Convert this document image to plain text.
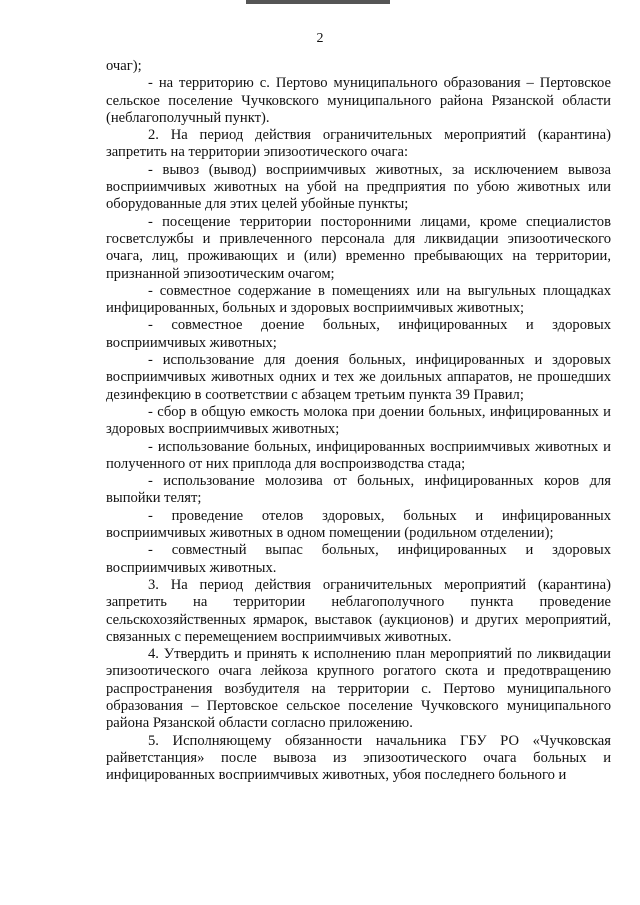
2

очаг);

- на территорию с. Пертово муниципального образования – Пертовское сельское поселение Чучковского муниципального района Рязанской области (неблагополучный пункт).

2. На период действия ограничительных мероприятий (карантина) запретить на территории эпизоотического очага:

- вывоз (вывод) восприимчивых животных, за исключением вывоза восприимчивых животных на убой на предприятия по убою животных или оборудованные для этих целей убойные пункты;

- посещение территории посторонними лицами, кроме специалистов госветслужбы и привлеченного персонала для ликвидации эпизоотического очага, лиц, проживающих и (или) временно пребывающих на территории, признанной эпизоотическим очагом;

- совместное содержание в помещениях или на выгульных площадках инфицированных, больных и здоровых восприимчивых животных;

- совместное доение больных, инфицированных и здоровых восприимчивых животных;

- использование для доения больных, инфицированных и здоровых восприимчивых животных одних и тех же доильных аппаратов, не прошедших дезинфекцию в соответствии с абзацем третьим пункта 39 Правил;

- сбор в общую емкость молока при доении больных, инфицированных и здоровых восприимчивых животных;

- использование больных, инфицированных восприимчивых животных и полученного от них приплода для воспроизводства стада;

- использование молозива от больных, инфицированных коров для выпойки телят;

- проведение отелов здоровых, больных и инфицированных восприимчивых животных в одном помещении (родильном отделении);

- совместный выпас больных, инфицированных и здоровых восприимчивых животных.

3. На период действия ограничительных мероприятий (карантина) запретить на территории неблагополучного пункта проведение сельскохозяйственных ярмарок, выставок (аукционов) и других мероприятий, связанных с перемещением восприимчивых животных.

4. Утвердить и принять к исполнению план мероприятий по ликвидации эпизоотического очага лейкоза крупного рогатого скота и предотвращению распространения возбудителя на территории с. Пертово муниципального образования – Пертовское сельское поселение Чучковского муниципального района Рязанской области согласно приложению.

5. Исполняющему обязанности начальника ГБУ РО «Чучковская райветстанция» после вывоза из эпизоотического очага больных и инфицированных восприимчивых животных, убоя последнего больного и
